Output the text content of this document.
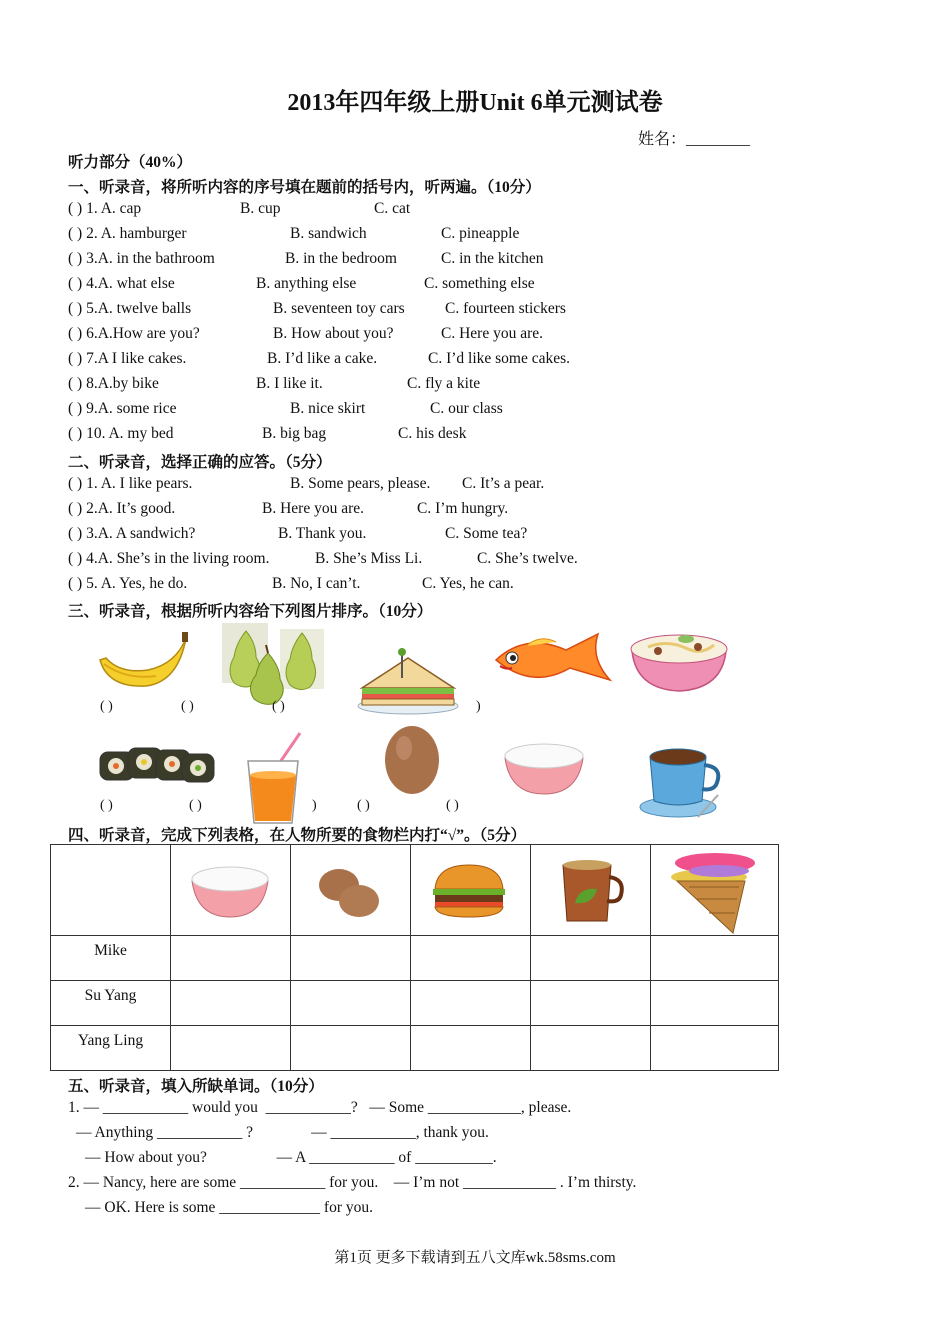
2013年四年级上册Unit 6单元测试卷
姓名：________
听力部分（40%）
一、听录音，将所听内容的序号填在题前的括号内，听两遍。（10分）
( ) 1. A. cap	B. cup	C. cat
( ) 2. A. hamburger	B. sandwich	C. pineapple
( ) 3.A. in the bathroom	B. in the bedroom	C. in the kitchen
( ) 4.A. what else	B. anything else	C. something else
( ) 5.A. twelve balls	B. seventeen toy cars	C. fourteen stickers
( ) 6.A.How are you?	B. How about you?	C. Here you are.
( ) 7.A I like cakes.	B. I’d like a cake.	C. I’d like some cakes.
( ) 8.A.by bike	B. I like it.	C. fly a kite
( ) 9.A. some rice	B. nice skirt	C. our class
( ) 10. A. my bed	B. big bag	C. his desk
二、听录音，选择正确的应答。（5分）
( ) 1. A. I like pears.	B. Some pears, please. C. It’s a pear.
( ) 2.A. It’s good.	B. Here you are.	C. I’m hungry.
( ) 3.A. A sandwich?	B. Thank you.	C. Some tea?
( ) 4.A. She’s in the living room.	B. She’s Miss Li.	C. She’s twelve.
( ) 5. A. Yes, he do.	B. No, I can’t.	C. Yes, he can.
三、听录音，根据所听内容给下列图片排序。（10分）
( )	( )	( )	)
( )	( )	)	( )	( )
四、听录音，完成下列表格，在人物所要的食物栏内打“√”。（5分）

Mike					

Su Yang					

Yang Ling					

五、听录音，填入所缺单词。（10分）
1. — ___________ would you  ___________?   — Some ____________, please.
— Anything ___________ ?               — ___________, thank you.
— How about you?                  — A ___________ of __________.
2. — Nancy, here are some ___________ for you.    — I’m not ____________ . I’m thirsty.
— OK. Here is some _____________ for you.
第1页 更多下载请到五八文库wk.58sms.com
